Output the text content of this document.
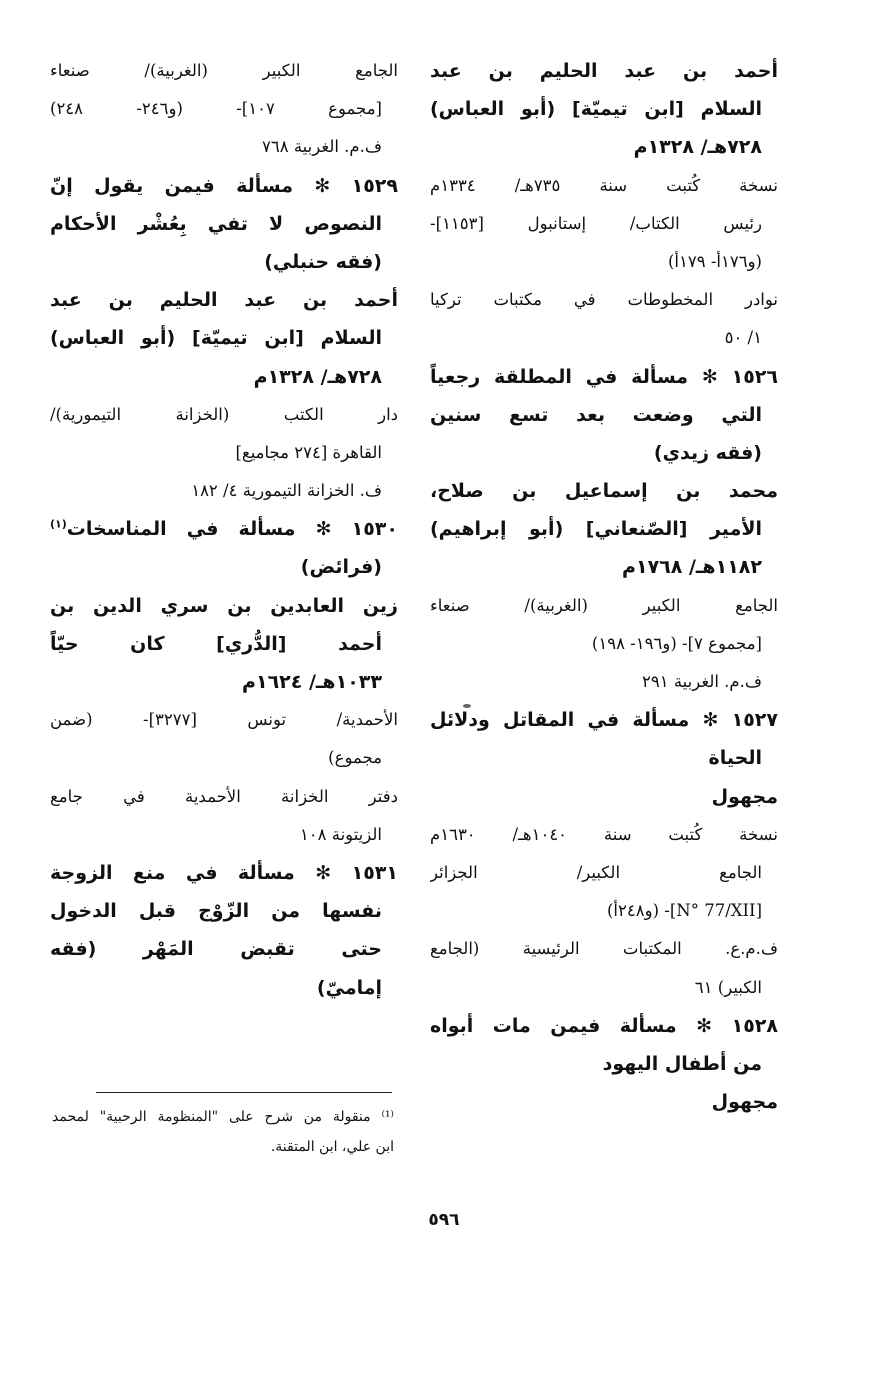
أحمد بن عبد الحليم بن عبد
السلام [ابن تيميّة] (أبو العباس)
٧٢٨هـ/ ١٣٢٨م
نسخة كُتبت سنة ٧٣٥هـ/ ١٣٣٤م
رئيس الكتاب/ إستانبول [١١٥٣]-
(و١٧٦أ- ١٧٩أ)
نوادر المخطوطات في مكتبات تركيا
١/ ٥٠
١٥٢٦ ✻ مسألة في المطلقة رجعياً
التي وضعت بعد تسع سنين
(فقه زيدي)
محمد بن إسماعيل بن صلاح،
الأمير [الصّنعاني] (أبو إبراهيم)
١١٨٢هـ/ ١٧٦٨م
الجامع الكبير (الغربية)/ صنعاء
[مجموع ٧]- (و١٩٦- ١٩٨)
ف.م. الغربية ٢٩١
١٥٢٧ ✻ مسألة في المقاتل ودلائل
الحياة
مجهول
نسخة كُتبت سنة ١٠٤٠هـ/ ١٦٣٠م
الجامع الكبير/ الجزائر
[N° 77/XII]- (و٢٤٨أ)
ف.م.ع. المكتبات الرئيسية (الجامع
الكبير) ٦١
١٥٢٨ ✻ مسألة فيمن مات أبواه
من أطفال اليهود
مجهول
الجامع الكبير (الغربية)/ صنعاء
[مجموع ١٠٧]- (و٢٤٦- ٢٤٨)
ف.م. الغربية ٧٦٨
١٥٢٩ ✻ مسألة فيمن يقول إنّ
النصوص لا تفي بِعُشْر الأحكام
(فقه حنبلي)
أحمد بن عبد الحليم بن عبد
السلام [ابن تيميّة] (أبو العباس)
٧٢٨هـ/ ١٣٢٨م
دار الكتب (الخزانة التيمورية)/
القاهرة [٢٧٤ مجاميع]
ف. الخزانة التيمورية ٤/ ١٨٢
١٥٣٠ ✻ مسألة في المناسخات$^{(١)}$
(فرائض)
زين العابدين بن سري الدين بن
أحمد [الدُّري] كان حيّاً
١٠٣٣هـ/ ١٦٢٤م
الأحمدية/ تونس [٣٢٧٧]- (ضمن
مجموع)
دفتر الخزانة الأحمدية في جامع
الزيتونة ١٠٨
١٥٣١ ✻ مسألة في منع الزوجة
نفسها من الزّوْج قبل الدخول
حتى تقبض المَهْر (فقه
إماميّ)
⁽¹⁾ منقولة من شرح على "المنظومة الرحبية" لمحمد
ابن علي، ابن المتقنة.
٥٩٦
